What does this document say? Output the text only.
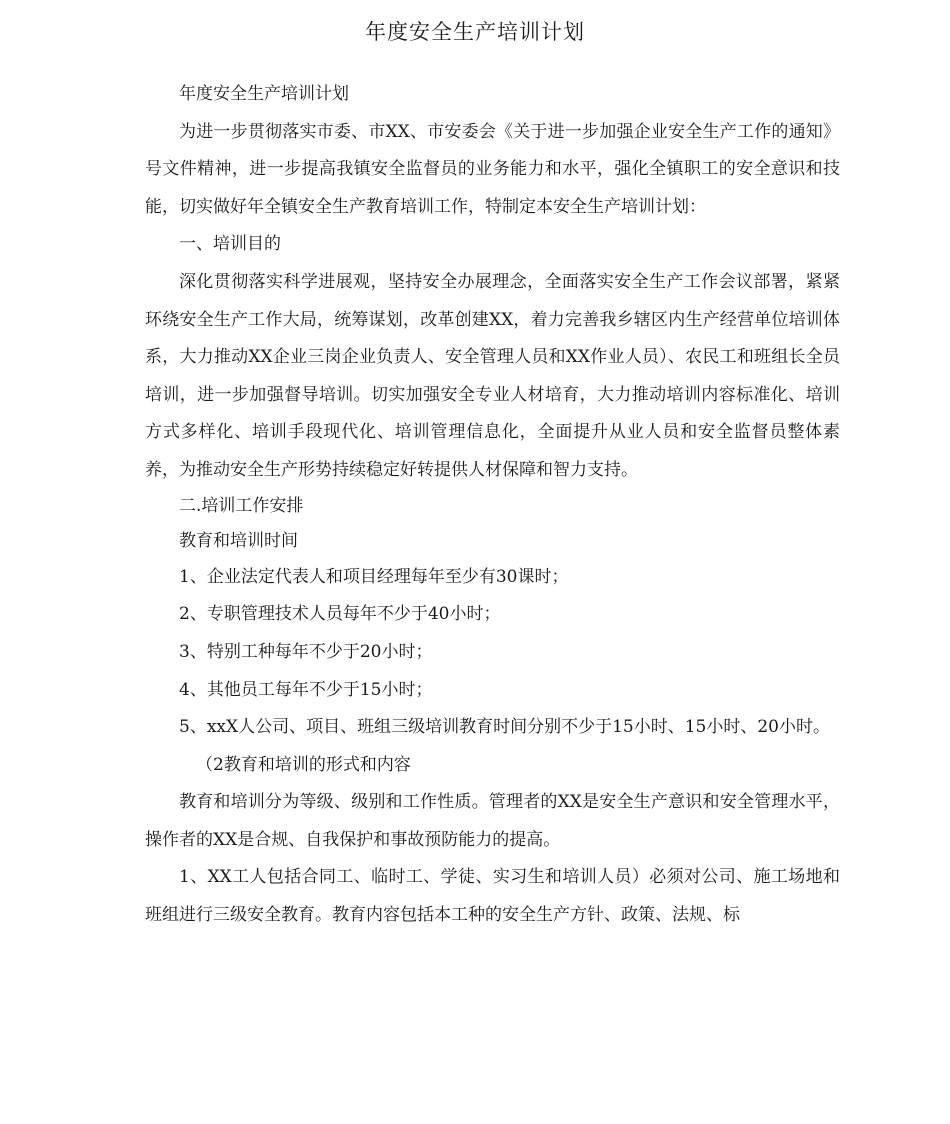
年度安全生产培训计划

年度安全生产培训计划

为进一步贯彻落实市委、市XX、市安委会《关于进一步加强企业安全生产工作的通知》号文件精神，进一步提高我镇安全监督员的业务能力和水平，强化全镇职工的安全意识和技能，切实做好年全镇安全生产教育培训工作，特制定本安全生产培训计划：

一、培训目的

深化贯彻落实科学进展观，坚持安全办展理念，全面落实安全生产工作会议部署，紧紧环绕安全生产工作大局，统筹谋划，改革创建XX，着力完善我乡辖区内生产经营单位培训体系，大力推动XX企业三岗企业负责人、安全管理人员和XX作业人员）、农民工和班组长全员培训，进一步加强督导培训。切实加强安全专业人材培育，大力推动培训内容标准化、培训方式多样化、培训手段现代化、培训管理信息化，全面提升从业人员和安全监督员整体素养，为推动安全生产形势持续稳定好转提供人材保障和智力支持。

二.培训工作安排

教育和培训时间

1、企业法定代表人和项目经理每年至少有30课时；

2、专职管理技术人员每年不少于40小时；

3、特别工种每年不少于20小时；

4、其他员工每年不少于15小时；

5、xxX人公司、项目、班组三级培训教育时间分别不少于15小时、15小时、20小时。

（2教育和培训的形式和内容

教育和培训分为等级、级别和工作性质。管理者的XX是安全生产意识和安全管理水平，操作者的XX是合规、自我保护和事故预防能力的提高。

1、XX工人包括合同工、临时工、学徒、实习生和培训人员）必须对公司、施工场地和班组进行三级安全教育。教育内容包括本工种的安全生产方针、政策、法规、标
